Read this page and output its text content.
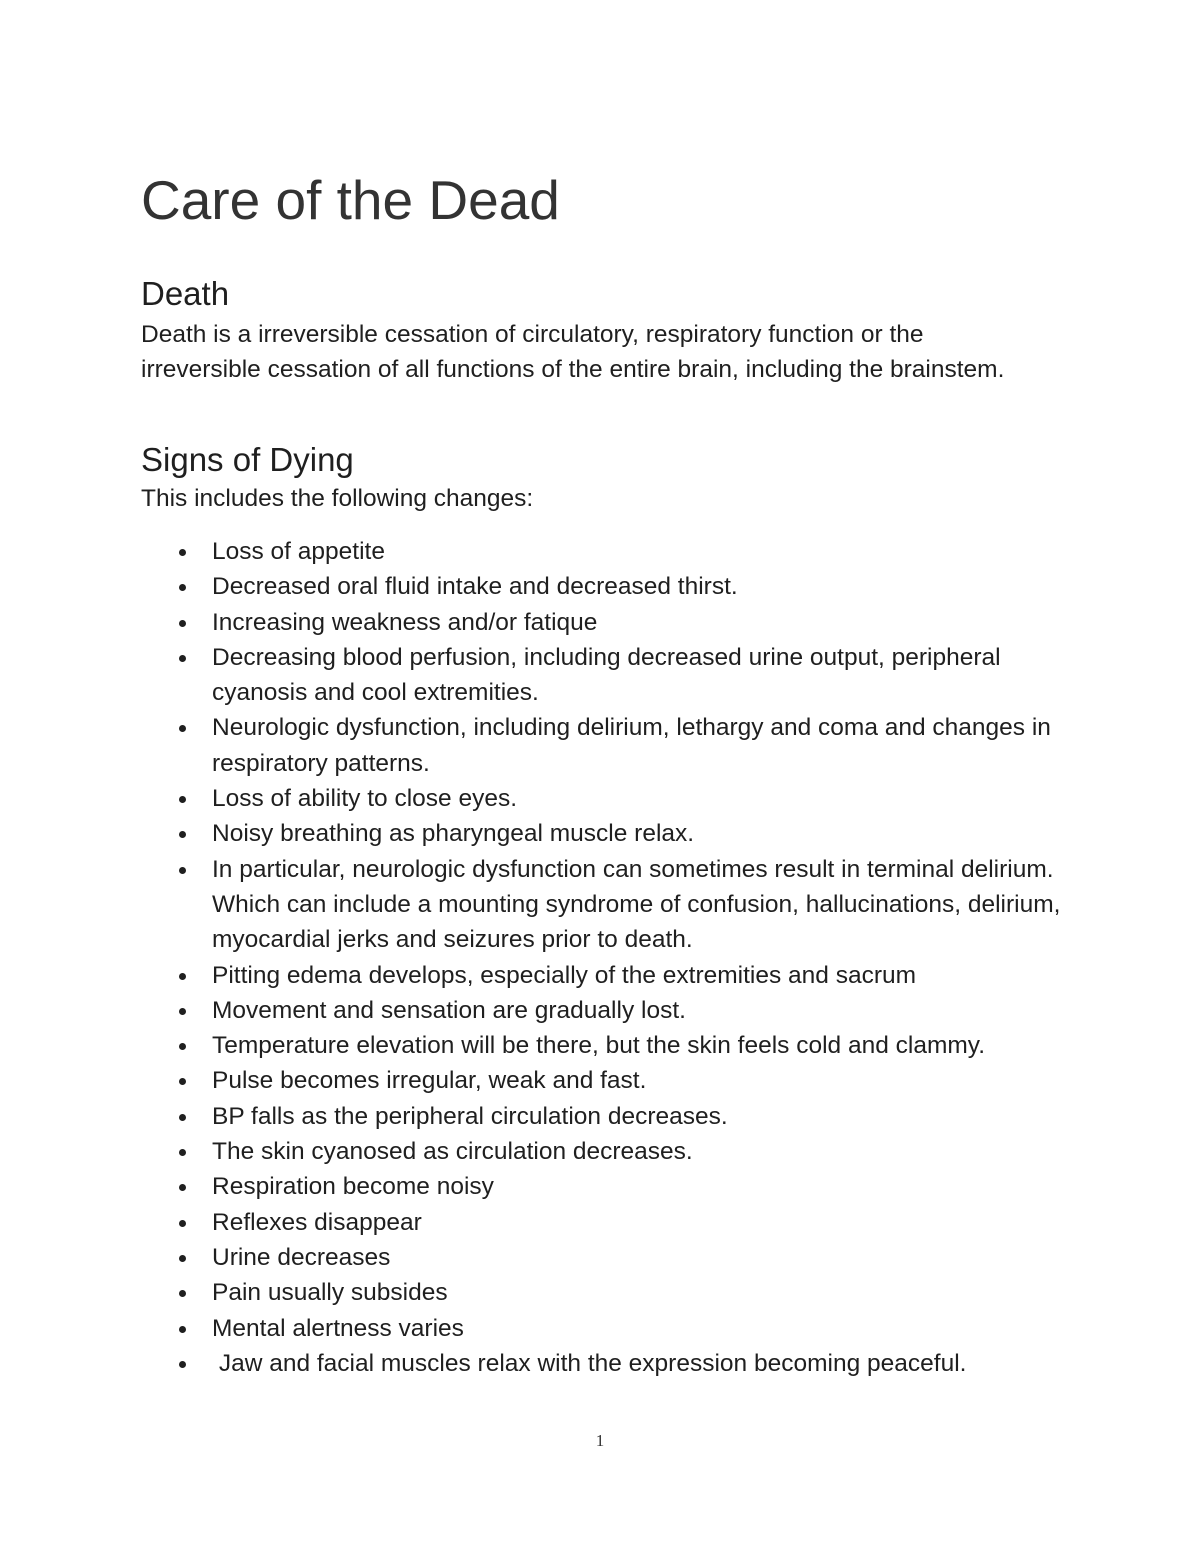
Care of the Dead
Death

Death is a irreversible cessation of circulatory, respiratory function or the irreversible cessation of all functions of the entire brain, including the brainstem.

Signs of Dying

This includes the following changes:

Loss of appetite
Decreased oral fluid intake and decreased thirst.
Increasing weakness and/or fatique
Decreasing blood perfusion, including decreased urine output, peripheral cyanosis and cool extremities.
Neurologic dysfunction, including delirium, lethargy and coma and changes in respiratory patterns.
Loss of ability to close eyes.
Noisy breathing as pharyngeal muscle relax.
In particular, neurologic dysfunction can sometimes result in terminal delirium. Which can include a mounting syndrome of confusion, hallucinations, delirium, myocardial jerks and seizures prior to death.
Pitting edema develops, especially of the extremities and sacrum
Movement and sensation are gradually lost.
Temperature elevation will be there, but the skin feels cold and clammy.
Pulse becomes irregular, weak and fast.
BP falls as the peripheral circulation decreases.
The skin cyanosed as circulation decreases.
Respiration become noisy
Reflexes disappear
Urine decreases
Pain usually subsides
Mental alertness varies
Jaw and facial muscles relax with the expression becoming peaceful.
1
